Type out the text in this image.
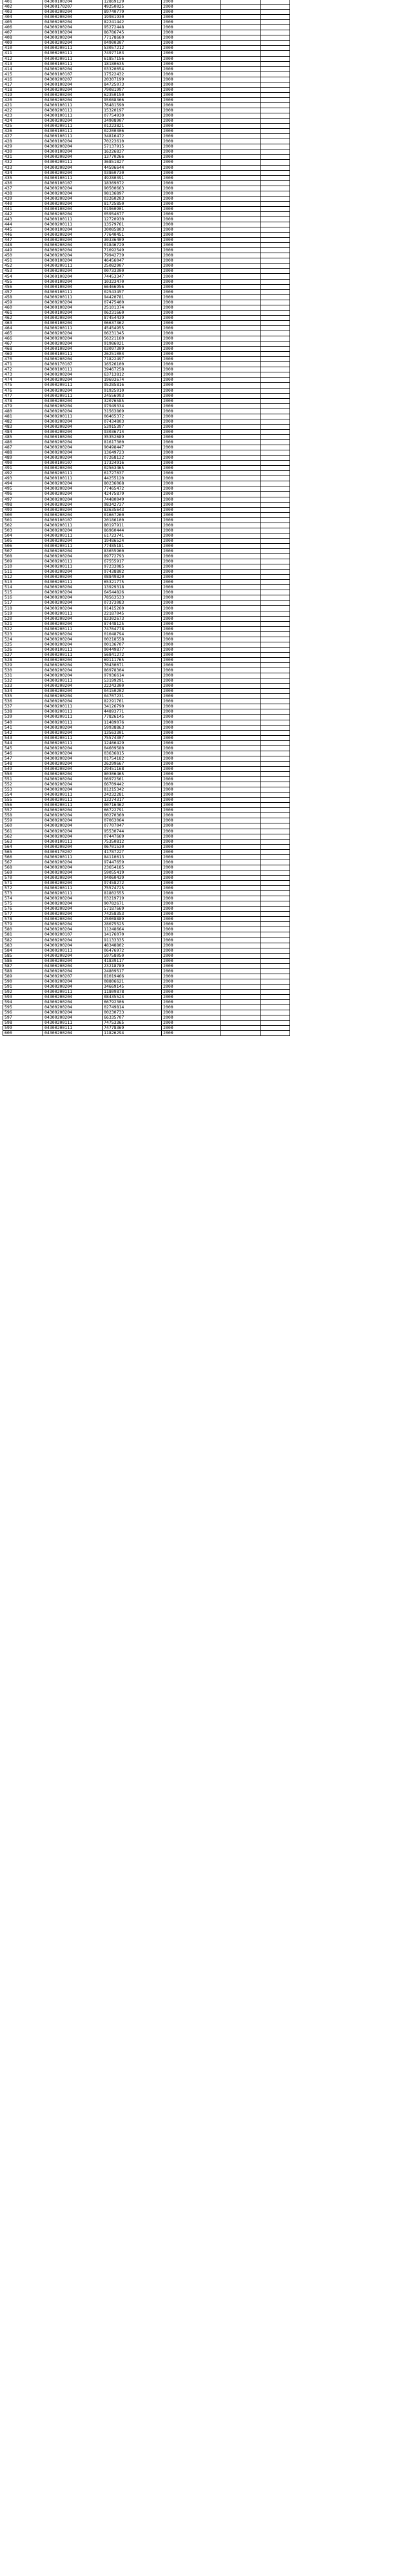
401	04300100204	12869129	2000		
402	04300170207	49250025	2000		
403	04300200204	89740779	2000		
404	04300200204	19981930	2000		
405	04300200204	82241442	2000		
406	04300200204	95272448	2000		
407	04300100204	86786745	2000		
408	04300200204	77178660	2000		
409	04300200204	04900307	2000		
410	04300200111	53057212	2000		
411	04300200111	74977103	2000		
412	04300200111	61857156	2000		
413	04300100111	18180635	2000		
414	04300200204	03320054	2000		
415	04300100107	17522432	2000		
416	04300200207	20307199	2000		
417	04300100204	84725073	2000		
418	04300200204	79081997	2000		
419	04300200204	62350150	2000		
420	04300200204	95088366	2000		
421	04300100111	76481590	2000		
422	04300200111	15320197	2000		
423	04300100111	07754930	2000		
424	04300200204	34908907	2000		
425	04300200111	01223821	2000		
426	04300100111	02200306	2000		
427	04300100111	34816472	2000		
428	04300100204	70223610	2000		
429	04300200204	57137915	2000		
430	04300100204	16226837	2000		
431	04300200204	13770266	2000		
432	04300200111	36851827	2000		
433	04300200204	44596644	2000		
434	04300200204	93860730	2000		
435	04300100111	49280391	2000		
436	04300100107	18369072	2000		
437	04300200204	90500663	2000		
438	04300200204	98136897	2000		
439	04300200204	03260203	2000		
440	04300200204	81725850	2000		
441	04300100204	01960901	2000		
442	04300200204	05954677	2000		
443	04300100111	12720930	2000		
444	04300200111	13579761	2000		
445	04300100204	30085803	2000		
446	04300200204	77640451	2000		
447	04300200204	30336409	2000		
448	04300200204	01846729	2000		
449	04300200204	71092549	2000		
450	04300200204	79942739	2000		
451	04300100204	46456047	2000		
452	04300200111	25082907	2000		
453	04300200204	00733300	2000		
454	04300100204	74453347	2000		
455	04300100204	10323470	2000		
456	04300100204	66466956	2000		
457	04300100111	02543457	2000		
458	04300200111	94420781	2000		
459	04300200204	07475400	2000		
460	04300100204	25101374	2000		
461	04300100204	06231660	2000		
462	04300200204	87454439	2000		
463	04300100204	06637362	2000		
464	04300200111	45454955	2000		
465	04300200204	06231345	2000		
466	04300200204	56221160	2000		
467	04300200204	91986021	2000		
468	04300100204	03097309	2000		
469	04300100111	26251004	2000		
470	04300200204	71822497	2000		
471	04300170107	16526100	2000		
472	04300100111	39467258	2000		
473	04300200204	63713812	2000		
474	04300200204	19693674	2000		
475	04300200111	95285816	2000		
476	04300200204	91925010	2000		
477	04300200111	24556993	2000		
478	04300200204	32076585	2000		
479	04300200204	97949334	2000		
480	04300200204	31563869	2000		
481	04300200111	06465372	2000		
482	04300200204	07434803	2000		
483	04300200204	53915397	2000		
484	04300200204	93036714	2000		
485	04300100204	35352689	2000		
486	04300200204	81617300	2000		
487	04300200204	90498447	2000		
488	04300200204	13649723	2000		
489	04300200204	07268132	2000		
490	04300100107	17324916	2000		
491	04300200204	02563465	2000		
492	04300200111	61727037	2000		
493	04300100111	44255120	2000		
494	04300200204	80236068	2000		
495	04300200204	77465472	2000		
496	04300200204	42475879	2000		
497	04300200204	74480049	2000		
498	04300200204	98342737	2000		
499	04300200204	83635643	2000		
500	04300200204	01667260	2000		
501	04300100107	20186100	2000		
502	04300200111	80197911	2000		
503	04300200204	86960444	2000		
504	04300200111	61723741	2000		
505	04300200204	19486524	2000		
506	04300200111	77485181	2000		
507	04300200204	83655960	2000		
508	04300200204	89772793	2000		
509	04300200111	67555917	2000		
510	04300200111	97233085	2000		
511	04300200204	97438802	2000		
512	04300200204	08849820	2000		
513	04300200111	65321775	2000		
514	04300200204	13929318	2000		
515	04300200204	64544826	2000		
516	04300200204	78563533	2000		
517	04300200204	07373083	2000		
518	04300200204	91415260	2000		
519	04300200111	22187045	2000		
520	04300200204	83302673	2000		
521	04300200204	87448125	2000		
522	04300200111	74764778	2000		
523	04300200204	01048794	2000		
524	04300200204	00218558	2000		
525	04300200204	00136707	2000		
526	04300100111	90449877	2000		
527	04300200111	56841272	2000		
528	04300200204	69111765	2000		
529	04300200204	70430071	2000		
530	04300200204	86978304	2000		
531	04300200204	97936614	2000		
532	04300200111	53199291	2000		
533	04300200204	22243300	2000		
534	04300200204	04150202	2000		
535	04300200204	04707231	2000		
536	04300200204	82291761	2000		
537	04300200111	34126790	2000		
538	04300200111	44893771	2000		
539	04300200111	77826145	2000		
540	04300200111	11489076	2000		
541	04300200204	59938863	2000		
542	04300200204	13563301	2000		
543	04300200111	75574307	2000		
544	04300200111	12466429	2000		
545	04300200204	04609580	2000		
546	04300200204	03636815	2000		
547	04300200204	01754182	2000		
548	04300200204	26299667	2000		
549	04300200204	29451168	2000		
550	04300200204	80306465	2000		
551	04300200204	06972561	2000		
552	04300200204	66709442	2000		
553	04300200204	81215342	2000		
554	04300200111	24232281	2000		
555	04300200111	13274317	2000		
556	04300200111	00716462	2000		
557	04300200204	66722791	2000		
558	04300200204	00270360	2000		
559	04300200204	07063064	2000		
560	04300200204	07707047	2000		
561	04300200204	95530744	2000		
562	04300200204	07447669	2000		
563	04300100111	75350812	2000		
564	04300200204	06701530	2000		
565	04300170207	41787227	2000		
566	04300200111	84110613	2000		
567	04300200204	97447659	2000		
568	04300200204	23654185	2000		
569	04300200204	59055419	2000		
570	04300200204	94060439	2000		
571	04300200204	97458272	2000		
572	04300200111	75574725	2000		
573	04300200111	81802555	2000		
574	04300200204	03219719	2000		
575	04300200204	90782671	2000		
576	04300200204	57187669	2000		
577	04300200204	74258353	2000		
578	04300200204	25008889	2000		
579	04300200204	28075525	2000		
580	04300200204	11248664	2000		
581	04300200107	14176070	2000		
582	04300200204	91133335	2000		
583	04300200204	48348802	2000		
584	04300200111	06476972	2000		
585	04300200204	59758050	2000		
586	04300200204	41839117	2000		
587	04300200204	23218789	2000		
588	04300200204	24809517	2000		
589	04300200207	81019466	2000		
590	04300200204	08806621	2000		
591	04300200204	34669145	2000		
592	04300200111	11809878	2000		
593	04300200204	08435524	2000		
594	04300200204	66792306	2000		
595	04300200204	02749814	2000		
596	04300200204	00230733	2000		
597	04300200204	66335707	2000		
598	04300200111	74753365	2000		
599	04300200111	74778369	2000		
600	04300200204	11826294	2000		
